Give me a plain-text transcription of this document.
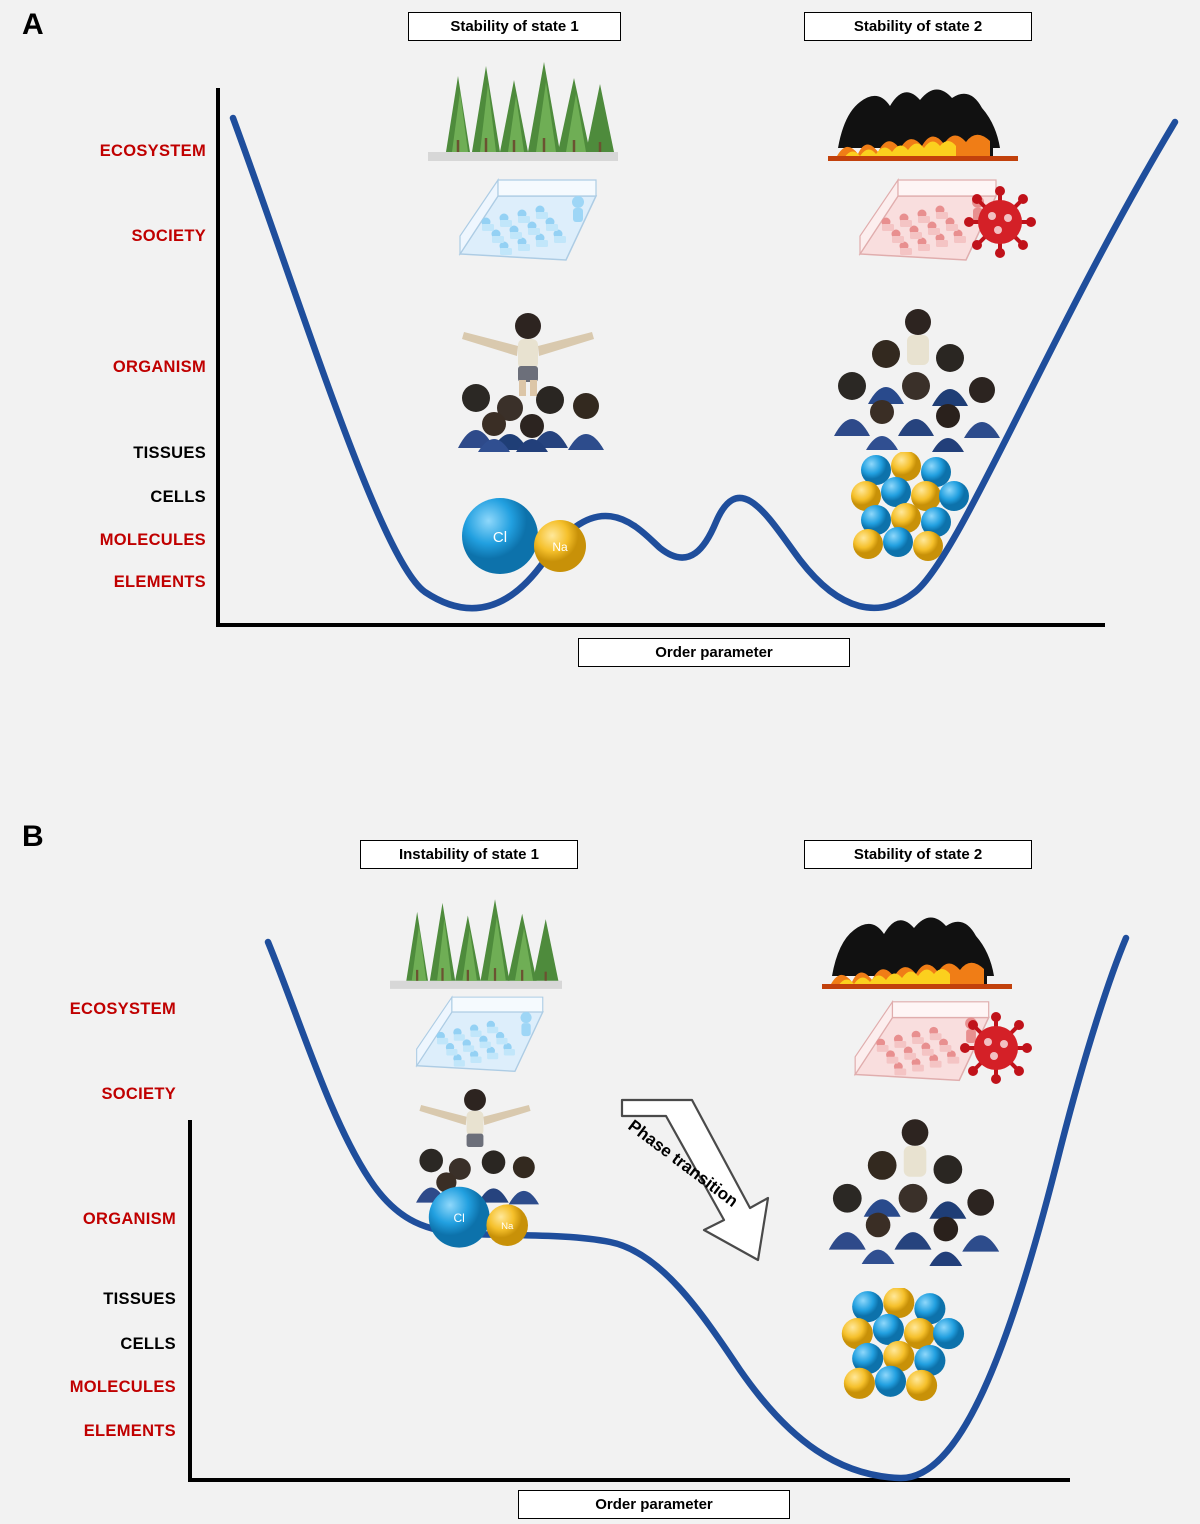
A	Stability of state 1	Stability of state 2
ECOSYSTEM
SOCIETY
ORGANISM
TISSUES
CELLS
MOLECULES
ELEMENTS
Cl
Na
Order parameter
B
Instability of state 1	Stability of state 2
ECOSYSTEM
SOCIETY
ORGANISM
TISSUES
CELLS
MOLECULES
ELEMENTS
Cl
Na
Phase transition
Order parameter
